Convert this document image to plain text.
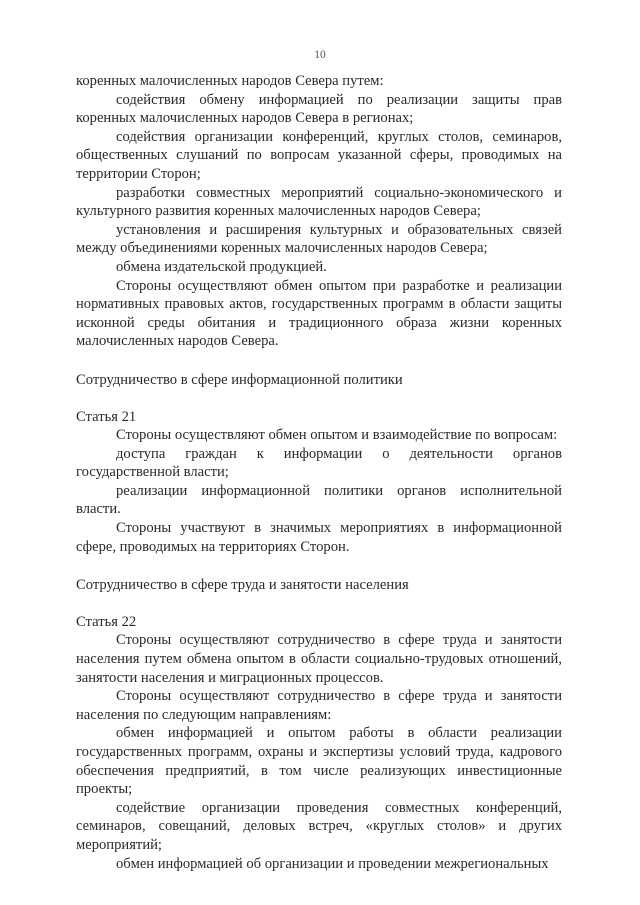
10

коренных малочисленных народов Севера путем:

содействия обмену информацией по реализации защиты прав коренных малочисленных народов Севера в регионах;

содействия организации конференций, круглых столов, семинаров, общественных слушаний по вопросам указанной сферы, проводимых на территории Сторон;

разработки совместных мероприятий социально-экономического и культурного развития коренных малочисленных народов Севера;

установления и расширения культурных и образовательных связей между объединениями коренных малочисленных народов Севера;

обмена издательской продукцией.

Стороны осуществляют обмен опытом при разработке и реализации нормативных правовых актов, государственных программ в области защиты исконной среды обитания и традиционного образа жизни коренных малочисленных народов Севера.

Сотрудничество в сфере информационной политики

Статья 21

Стороны осуществляют обмен опытом и взаимодействие по вопросам:

доступа граждан к информации о деятельности органов государственной власти;

реализации информационной политики органов исполнительной власти.

Стороны участвуют в значимых мероприятиях в информационной сфере, проводимых на территориях Сторон.

Сотрудничество в сфере труда и занятости населения

Статья 22

Стороны осуществляют сотрудничество в сфере труда и занятости населения путем обмена опытом в области социально-трудовых отношений, занятости населения и миграционных процессов.

Стороны осуществляют сотрудничество в сфере труда и занятости населения по следующим направлениям:

обмен информацией и опытом работы в области реализации государственных программ, охраны и экспертизы условий труда, кадрового обеспечения предприятий, в том числе реализующих инвестиционные проекты;

содействие организации проведения совместных конференций, семинаров, совещаний, деловых встреч, «круглых столов» и других мероприятий;

обмен информацией об организации и проведении межрегиональных
